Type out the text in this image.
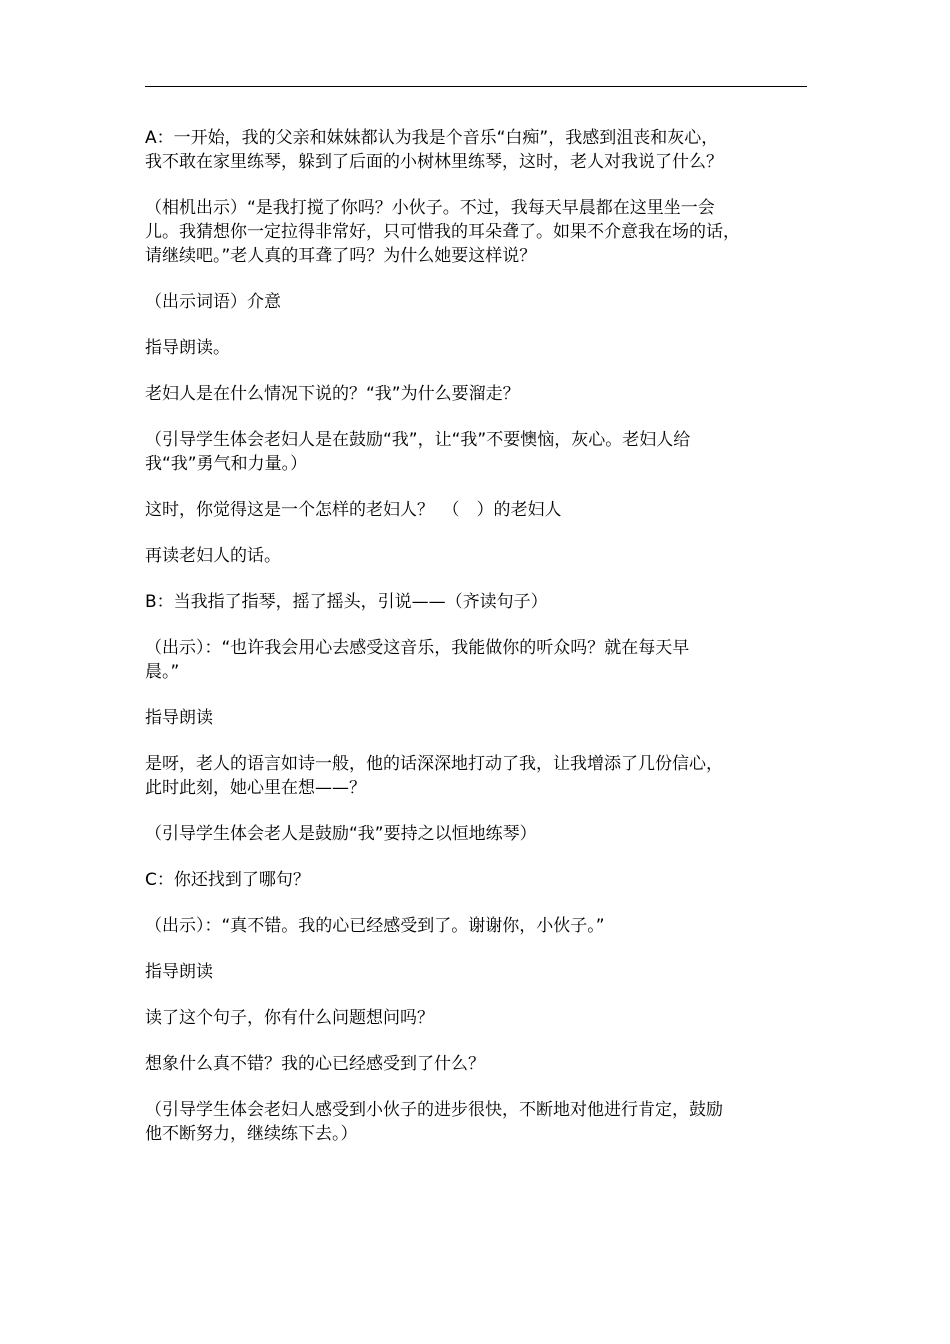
A：一开始，我的父亲和妹妹都认为我是个音乐“白痴”，我感到沮丧和灰心，
我不敢在家里练琴，躲到了后面的小树林里练琴，这时，老人对我说了什么？

（相机出示）“是我打搅了你吗？小伙子。不过，我每天早晨都在这里坐一会
儿。我猜想你一定拉得非常好，只可惜我的耳朵聋了。如果不介意我在场的话，
请继续吧。”老人真的耳聋了吗？为什么她要这样说？

（出示词语）介意

指导朗读。

老妇人是在什么情况下说的？“我”为什么要溜走？

（引导学生体会老妇人是在鼓励“我”，让“我”不要懊恼，灰心。老妇人给
我“我”勇气和力量。）

这时，你觉得这是一个怎样的老妇人？　（　）的老妇人

再读老妇人的话。

B：当我指了指琴，摇了摇头，引说——（齐读句子）

（出示）：“也许我会用心去感受这音乐，我能做你的听众吗？就在每天早
晨。”

指导朗读

是呀，老人的语言如诗一般，他的话深深地打动了我，让我增添了几份信心，
此时此刻，她心里在想——？

（引导学生体会老人是鼓励“我”要持之以恒地练琴）

C：你还找到了哪句？

（出示）：“真不错。我的心已经感受到了。谢谢你，小伙子。”

指导朗读

读了这个句子，你有什么问题想问吗？

想象什么真不错？我的心已经感受到了什么？

（引导学生体会老妇人感受到小伙子的进步很快，不断地对他进行肯定，鼓励
他不断努力，继续练下去。）
